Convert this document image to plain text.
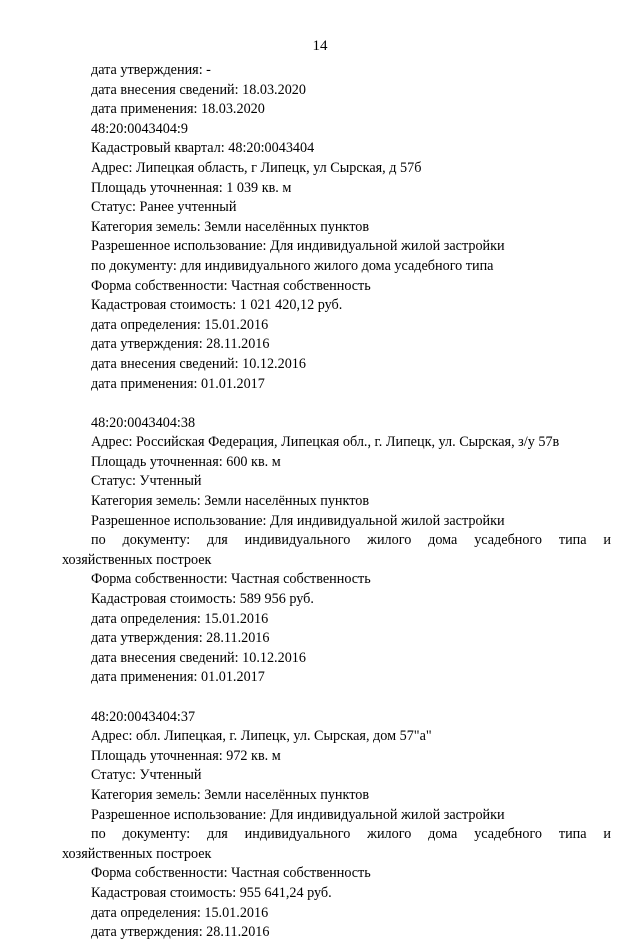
14
дата утверждения: -
дата внесения сведений: 18.03.2020
дата применения: 18.03.2020
48:20:0043404:9
Кадастровый квартал: 48:20:0043404
Адрес: Липецкая область, г Липецк, ул Сырская, д 57б
Площадь уточненная: 1 039 кв. м
Статус: Ранее учтенный
Категория земель: Земли населённых пунктов
Разрешенное использование: Для индивидуальной жилой застройки
по документу: для индивидуального жилого дома усадебного типа
Форма собственности: Частная собственность
Кадастровая стоимость: 1 021 420,12 руб.
дата определения: 15.01.2016
дата утверждения: 28.11.2016
дата внесения сведений: 10.12.2016
дата применения: 01.01.2017
48:20:0043404:38
Адрес: Российская Федерация, Липецкая обл., г. Липецк, ул. Сырская, з/у 57в
Площадь уточненная: 600 кв. м
Статус: Учтенный
Категория земель: Земли населённых пунктов
Разрешенное использование: Для индивидуальной жилой застройки
по документу: для индивидуального жилого дома усадебного типа и
хозяйственных построек
Форма собственности: Частная собственность
Кадастровая стоимость: 589 956 руб.
дата определения: 15.01.2016
дата утверждения: 28.11.2016
дата внесения сведений: 10.12.2016
дата применения: 01.01.2017
48:20:0043404:37
Адрес: обл. Липецкая, г. Липецк, ул. Сырская, дом 57"а"
Площадь уточненная: 972 кв. м
Статус: Учтенный
Категория земель: Земли населённых пунктов
Разрешенное использование: Для индивидуальной жилой застройки
по документу: для индивидуального жилого дома усадебного типа и
хозяйственных построек
Форма собственности: Частная собственность
Кадастровая стоимость: 955 641,24 руб.
дата определения: 15.01.2016
дата утверждения: 28.11.2016
